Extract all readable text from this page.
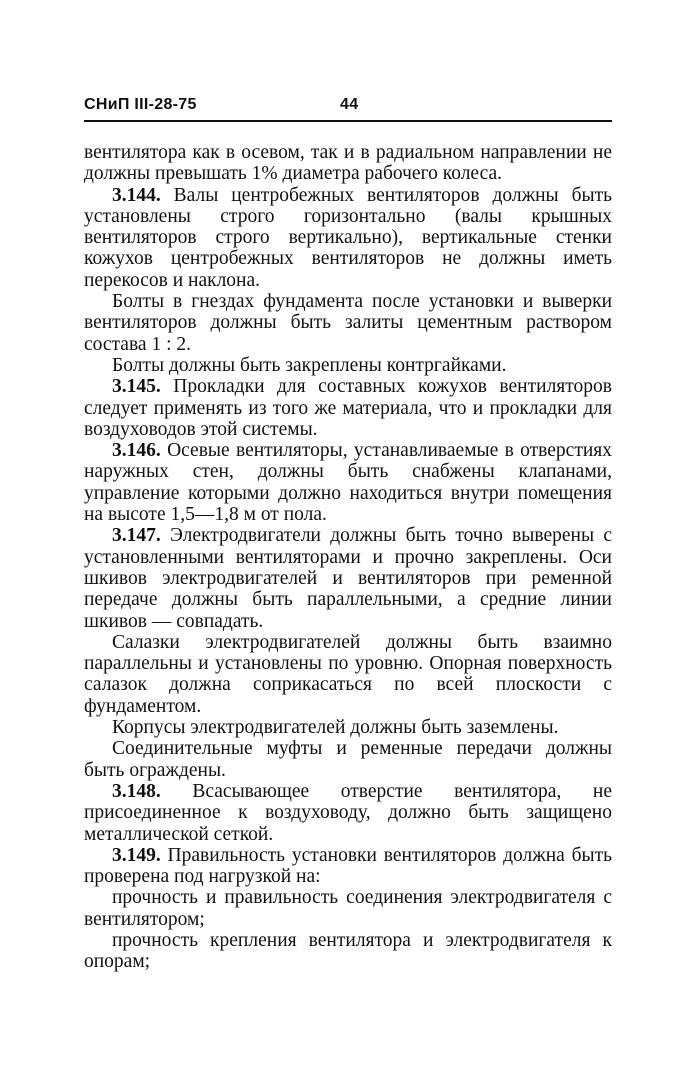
СНиП III-28-75	44

вентилятора как в осевом, так и в радиальном направлении не должны превышать 1% диаметра рабочего колеса.

3.144. Валы центробежных вентиляторов должны быть установлены строго горизонтально (валы крышных вентиляторов строго вертикально), вертикальные стенки кожухов центробежных вентиляторов не должны иметь перекосов и наклона.

Болты в гнездах фундамента после установки и выверки вентиляторов должны быть залиты цементным раствором состава 1 : 2.

Болты должны быть закреплены контргайками.

3.145. Прокладки для составных кожухов вентиляторов следует применять из того же материала, что и прокладки для воздуховодов этой системы.

3.146. Осевые вентиляторы, устанавливаемые в отверстиях наружных стен, должны быть снабжены клапанами, управление которыми должно находиться внутри помещения на высоте 1,5—1,8 м от пола.

3.147. Электродвигатели должны быть точно выверены с установленными вентиляторами и прочно закреплены. Оси шкивов электродвигателей и вентиляторов при ременной передаче должны быть параллельными, а средние линии шкивов — совпадать.

Салазки электродвигателей должны быть взаимно параллельны и установлены по уровню. Опорная поверхность салазок должна соприкасаться по всей плоскости с фундаментом.

Корпусы электродвигателей должны быть заземлены.

Соединительные муфты и ременные передачи должны быть ограждены.

3.148. Всасывающее отверстие вентилятора, не присоединенное к воздуховоду, должно быть защищено металлической сеткой.

3.149. Правильность установки вентиляторов должна быть проверена под нагрузкой на:

прочность и правильность соединения электродвигателя с вентилятором;

прочность крепления вентилятора и электродвигателя к опорам;
